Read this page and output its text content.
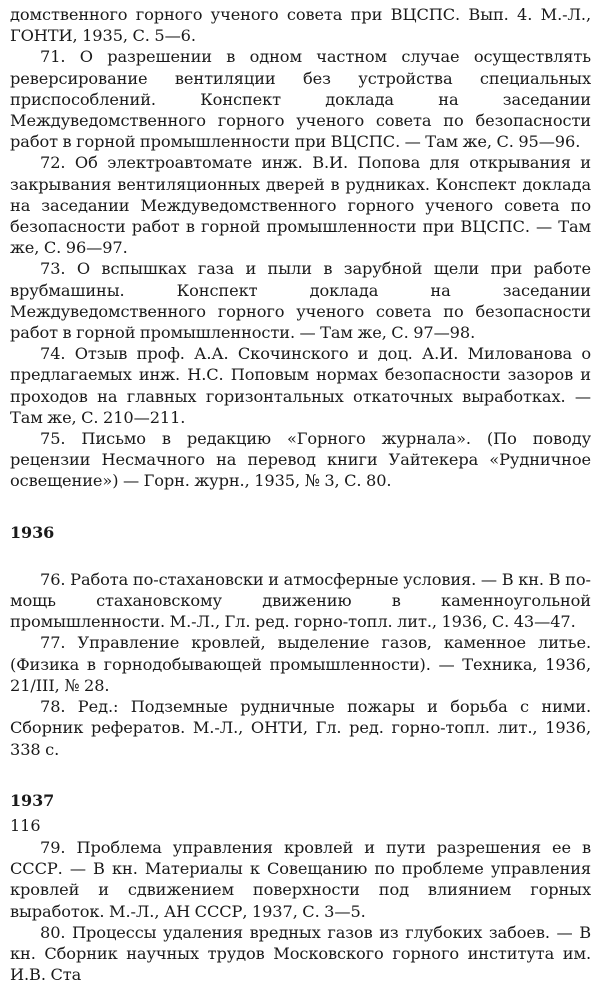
домственного горного ученого совета при ВЦСПС. Вып. 4. М.-Л., ГОНТИ, 1935, С. 5—6.

71. О разрешении в одном частном случае осуществлять реверсирование вентиляции без устройства специальных приспособлений. Конспект доклада на заседании Междуведомственного горного ученого совета по безопасности работ в горной промышленности при ВЦСПС. — Там же, С. 95—96.

72. Об электроавтомате инж. В.И. Попова для открывания и закрывания вентиляционных дверей в рудниках. Конспект доклада на заседании Междуведомственного горного ученого совета по безопасности работ в горной промышленности при ВЦСПС. — Там же, С. 96—97.

73. О вспышках газа и пыли в зарубной щели при работе врубмашины. Конспект доклада на заседании Междуведомственного горного ученого совета по безопасности работ в горной промышленности. — Там же, С. 97—98.

74. Отзыв проф. А.А. Скочинского и доц. А.И. Милованова о предлагаемых инж. Н.С. Поповым нормах безопасности зазоров и проходов на главных горизонтальных откаточных выработках. — Там же, С. 210—211.

75. Письмо в редакцию «Горного журнала». (По поводу рецензии Несмачного на перевод книги Уайтекера «Рудничное освещение») — Горн. журн., 1935, № 3, С. 80.

1936

76. Работа по-стахановски и атмосферные условия. — В кн. В помощь стахановскому движению в каменноугольной промышленности. М.-Л., Гл. ред. горно-топл. лит., 1936, С. 43—47.

77. Управление кровлей, выделение газов, каменное литье. (Физика в горнодобывающей промышленности). — Техника, 1936, 21/III, № 28.

78. Ред.: Подземные рудничные пожары и борьба с ними. Сборник рефератов. М.-Л., ОНТИ, Гл. ред. горно-топл. лит., 1936, 338 с.

1937

79. Проблема управления кровлей и пути разрешения ее в СССР. — В кн. Материалы к Совещанию по проблеме управления кровлей и сдвижением поверхности под влиянием горных выработок. М.-Л., АН СССР, 1937, С. 3—5.

80. Процессы удаления вредных газов из глубоких забоев. — В кн. Сборник научных трудов Московского горного института им. И.В. Ста

116
